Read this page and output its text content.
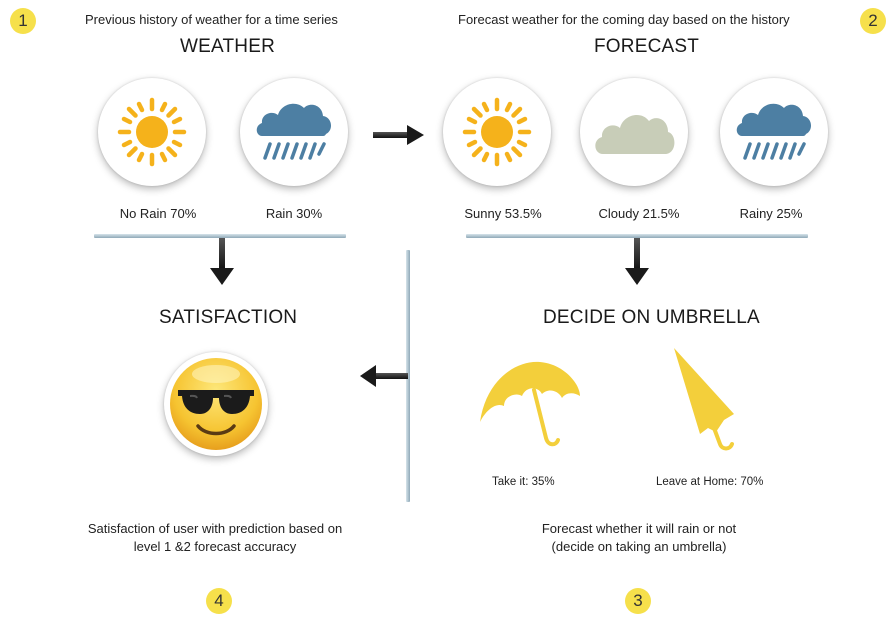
1	2
3
4
Previous history of weather for a time series	Forecast weather for the coming day based on the history
WEATHER	FORECAST
SATISFACTION	DECIDE ON UMBRELLA
No Rain 70%	Rain 30%	Sunny 53.5%	Cloudy 21.5%	Rainy 25%
Take it: 35%	Leave at Home: 70%
Satisfaction of user with prediction based on
level 1 &2 forecast accuracy
Forecast whether it will rain or not
(decide on taking an umbrella)
